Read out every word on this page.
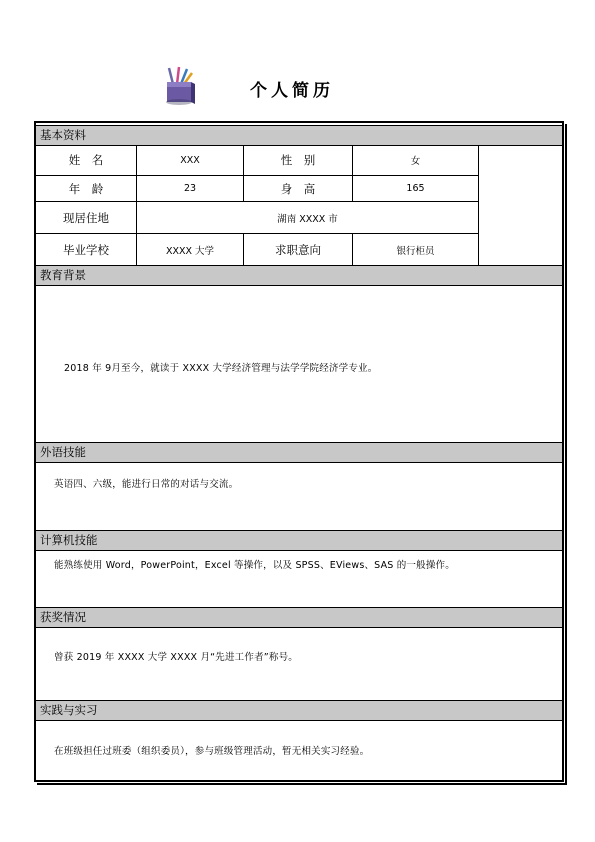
个人简历
基本资料
姓　名	XXX	性　别	女
年　龄	23	身　高	165
现居住地	湖南 XXXX 市
毕业学校	XXXX 大学	求职意向	银行柜员
教育背景
2018 年 9月至今，就读于 XXXX 大学经济管理与法学学院经济学专业。
外语技能
英语四、六级，能进行日常的对话与交流。
计算机技能
能熟练使用 Word，PowerPoint，Excel 等操作，以及 SPSS、EViews、SAS 的一般操作。
获奖情况
曾获 2019 年 XXXX 大学 XXXX 月“先进工作者”称号。
实践与实习
在班级担任过班委（组织委员），参与班级管理活动，暂无相关实习经验。
